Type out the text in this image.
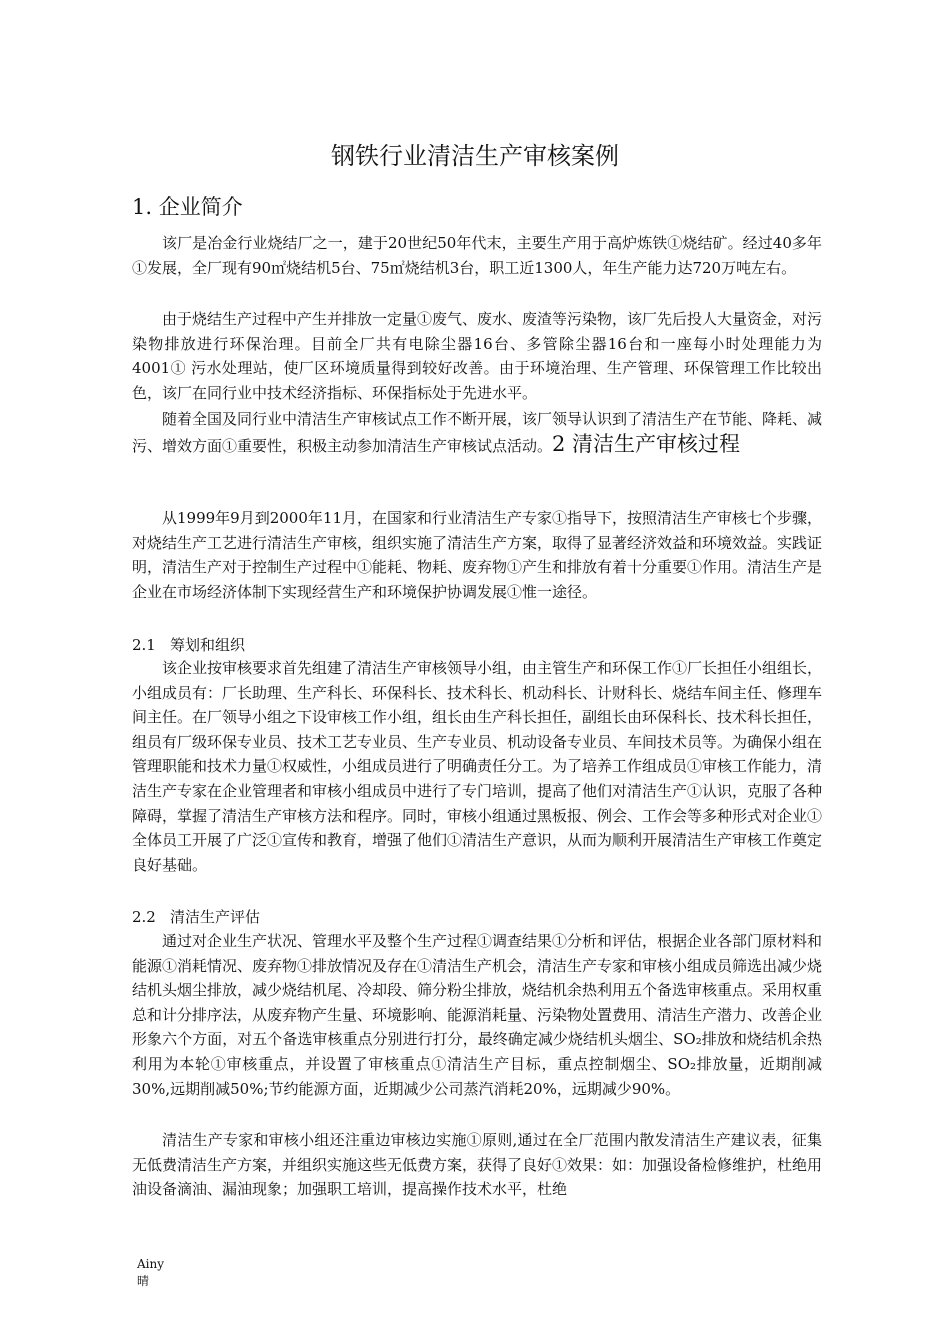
钢铁行业清洁生产审核案例
1. 企业简介

该厂是冶金行业烧结厂之一，建于20世纪50年代末，主要生产用于高炉炼铁①烧结矿。经过40多年①发展，全厂现有90㎡烧结机5台、75㎡烧结机3台，职工近1300人，年生产能力达720万吨左右。

由于烧结生产过程中产生并排放一定量①废气、废水、废渣等污染物，该厂先后投人大量资金，对污染物排放进行环保治理。目前全厂共有电除尘器16台、多管除尘器16台和一座每小时处理能力为4001① 污水处理站，使厂区环境质量得到较好改善。由于环境治理、生产管理、环保管理工作比较出色，该厂在同行业中技术经济指标、环保指标处于先进水平。

随着全国及同行业中清洁生产审核试点工作不断开展，该厂领导认识到了清洁生产在节能、降耗、减污、增效方面①重要性，积极主动参加清洁生产审核试点活动。2 清洁生产审核过程

从1999年9月到2000年11月，在国家和行业清洁生产专家①指导下，按照清洁生产审核七个步骤，对烧结生产工艺进行清洁生产审核，组织实施了清洁生产方案，取得了显著经济效益和环境效益。实践证明，清洁生产对于控制生产过程中①能耗、物耗、废弃物①产生和排放有着十分重要①作用。清洁生产是企业在市场经济体制下实现经营生产和环境保护协调发展①惟一途径。

2.1 筹划和组织

该企业按审核要求首先组建了清洁生产审核领导小组，由主管生产和环保工作①厂长担任小组组长，小组成员有：厂长助理、生产科长、环保科长、技术科长、机动科长、计财科长、烧结车间主任、修理车间主任。在厂领导小组之下设审核工作小组，组长由生产科长担任，副组长由环保科长、技术科长担任，组员有厂级环保专业员、技术工艺专业员、生产专业员、机动设备专业员、车间技术员等。为确保小组在管理职能和技术力量①权威性，小组成员进行了明确责任分工。为了培养工作组成员①审核工作能力，清洁生产专家在企业管理者和审核小组成员中进行了专门培训，提高了他们对清洁生产①认识，克服了各种障碍，掌握了清洁生产审核方法和程序。同时，审核小组通过黑板报、例会、工作会等多种形式对企业①全体员工开展了广泛①宣传和教育，增强了他们①清洁生产意识，从而为顺利开展清洁生产审核工作奠定良好基础。

2.2 清洁生产评估

通过对企业生产状况、管理水平及整个生产过程①调查结果①分析和评估，根据企业各部门原材料和能源①消耗情况、废弃物①排放情况及存在①清洁生产机会，清洁生产专家和审核小组成员筛选出减少烧结机头烟尘排放，减少烧结机尾、冷却段、筛分粉尘排放，烧结机余热利用五个备选审核重点。采用权重总和计分排序法，从废弃物产生量、环境影响、能源消耗量、污染物处置费用、清洁生产潜力、改善企业形象六个方面，对五个备选审核重点分别进行打分，最终确定减少烧结机头烟尘、SO₂排放和烧结机余热利用为本轮①审核重点，并设置了审核重点①清洁生产目标，重点控制烟尘、SO₂排放量，近期削减30%,远期削减50%;节约能源方面，近期减少公司蒸汽消耗20%，远期减少90%。

清洁生产专家和审核小组还注重边审核边实施①原则,通过在全厂范围内散发清洁生产建议表，征集无低费清洁生产方案，并组织实施这些无低费方案，获得了良好①效果：如：加强设备检修维护，杜绝用油设备滴油、漏油现象；加强职工培训，提高操作技术水平，杜绝

Ainy
晴
